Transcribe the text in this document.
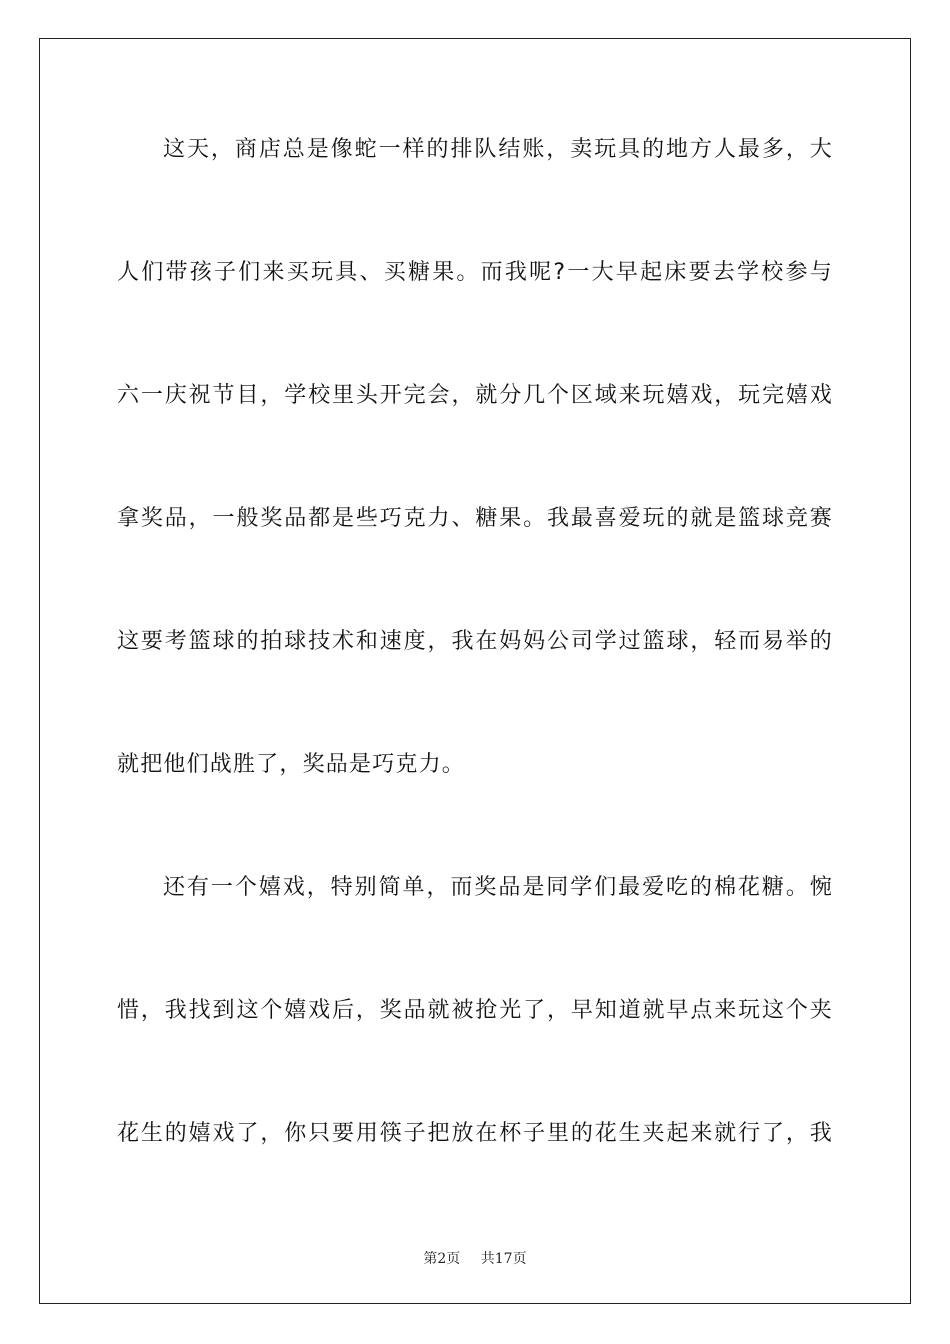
这天，商店总是像蛇一样的排队结账，卖玩具的地方人最多，大
人们带孩子们来买玩具、买糖果。而我呢?一大早起床要去学校参与
六一庆祝节目，学校里头开完会，就分几个区域来玩嬉戏，玩完嬉戏
拿奖品，一般奖品都是些巧克力、糖果。我最喜爱玩的就是篮球竞赛
这要考篮球的拍球技术和速度，我在妈妈公司学过篮球，轻而易举的
就把他们战胜了，奖品是巧克力。
还有一个嬉戏，特别简单，而奖品是同学们最爱吃的棉花糖。惋
惜，我找到这个嬉戏后，奖品就被抢光了，早知道就早点来玩这个夹
花生的嬉戏了，你只要用筷子把放在杯子里的花生夹起来就行了，我
第2页 共17页
